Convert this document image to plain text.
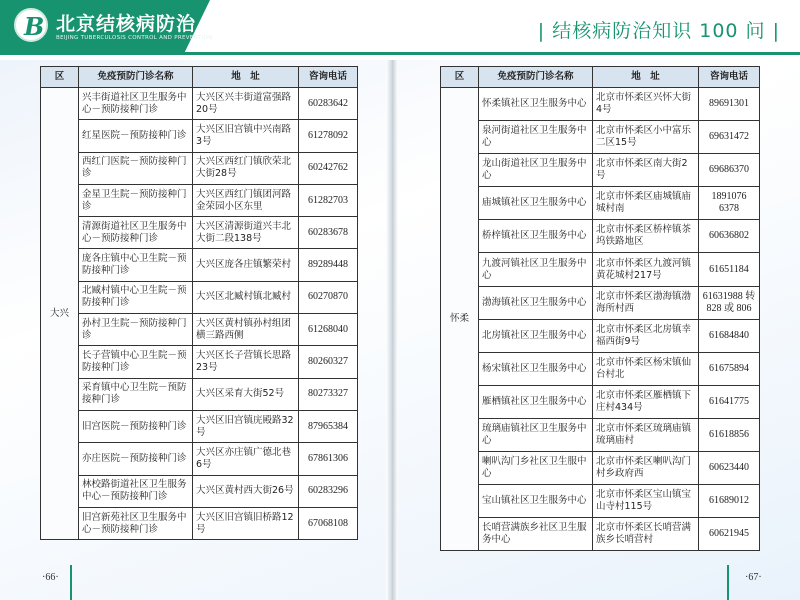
B 北京结核病防治
BEIJING TUBERCULOSIS CONTROL AND PREVENTION	| 结核病防治知识 100 问 |
区	免疫预防门诊名称	地　址	咨询电话
大兴	兴丰街道社区卫生服务中心－预防接种门诊	大兴区兴丰街道富强路20号	60283642
	红星医院－预防接种门诊	大兴区旧宫镇中兴南路3号	61278092
	西红门医院－预防接种门诊	大兴区西红门镇欣荣北大街28号	60242762
	金星卫生院－预防接种门诊	大兴区西红门镇团河路金荣园小区东里	61282703
	清源街道社区卫生服务中心－预防接种门诊	大兴区清源街道兴丰北大街二段138号	60283678
	庞各庄镇中心卫生院－预防接种门诊	大兴区庞各庄镇繁荣村	89289448
	北臧村镇中心卫生院－预防接种门诊	大兴区北臧村镇北臧村	60270870
	孙村卫生院－预防接种门诊	大兴区黄村镇孙村组团横三路西侧	61268040
	长子营镇中心卫生院－预防接种门诊	大兴区长子营镇长思路23号	80260327
	采育镇中心卫生院－预防接种门诊	大兴区采育大街52号	80273327
	旧宫医院－预防接种门诊	大兴区旧宫镇庑殿路32号	87965384
	亦庄医院－预防接种门诊	大兴区亦庄镇广德北巷6号	67861306
	林校路街道社区卫生服务中心－预防接种门诊	大兴区黄村西大街26号	60283296
	旧宫新苑社区卫生服务中心－预防接种门诊	大兴区旧宫镇旧桥路12号	67068108
区	免疫预防门诊名称	地　址	咨询电话
怀柔	怀柔镇社区卫生服务中心	北京市怀柔区兴怀大街4号	89691301
	泉河街道社区卫生服务中心	北京市怀柔区小中富乐二区15号	69631472
	龙山街道社区卫生服务中心	北京市怀柔区南大街2号	69686370
	庙城镇社区卫生服务中心	北京市怀柔区庙城镇庙城村南	1891076 6378
	桥梓镇社区卫生服务中心	北京市怀柔区桥梓镇茶坞铁路地区	60636802
	九渡河镇社区卫生服务中心	北京市怀柔区九渡河镇黄花城村217号	61651184
	渤海镇社区卫生服务中心	北京市怀柔区渤海镇渤海所村西	61631988 转 828 或 806
	北房镇社区卫生服务中心	北京市怀柔区北房镇幸福西街9号	61684840
	杨宋镇社区卫生服务中心	北京市怀柔区杨宋镇仙台村北	61675894
	雁栖镇社区卫生服务中心	北京市怀柔区雁栖镇下庄村434号	61641775
	琉璃庙镇社区卫生服务中心	北京市怀柔区琉璃庙镇琉璃庙村	61618856
	喇叭沟门乡社区卫生服中心	北京市怀柔区喇叭沟门村乡政府西	60623440
	宝山镇社区卫生服务中心	北京市怀柔区宝山镇宝山寺村115号	61689012
	长哨营满族乡社区卫生服务中心	北京市怀柔区长哨营满族乡长哨营村	60621945
·66·	·67·
